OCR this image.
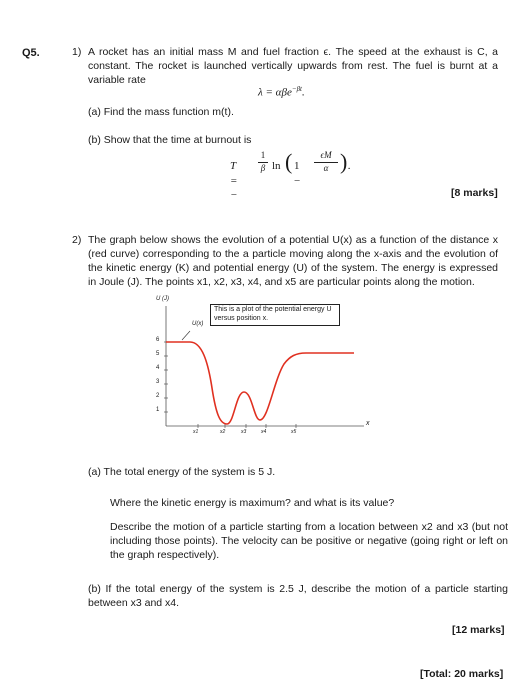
Q5.	1) A rocket has an initial mass M and fuel fraction ϵ. The speed at the exhaust is C, a constant. The rocket is launched vertically upwards from rest. The fuel is burnt at a variable rate
λ = αβe$^{-\beta t}$.
(a) Find the mass function m(t).
(b) Show that the time at burnout is
T = −
1
β ln ( 1 −
ϵM
α ) .
[8 marks]
2) The graph below shows the evolution of a potential U(x) as a function of the distance x (red curve) corresponding to the a particle moving along the x-axis and the evolution of the kinetic energy (K) and potential energy (U) of the system. The energy is expressed in Joule (J). The points x1, x2, x3, x4, and x5 are particular points along the motion.
U (J)
x
6
5
4
3
2
1
x1	x2	x3	x4	x5
U(x)
This is a plot of the potential energy U versus position x.
(a) The total energy of the system is 5 J.
Where the kinetic energy is maximum? and what is its value?
Describe the motion of a particle starting from a location between x2 and x3 (but not including those points). The velocity can be positive or negative (going right or left on the graph respectively).
(b) If the total energy of the system is 2.5 J, describe the motion of a particle starting between x3 and x4.
[12 marks]
[Total: 20 marks]
